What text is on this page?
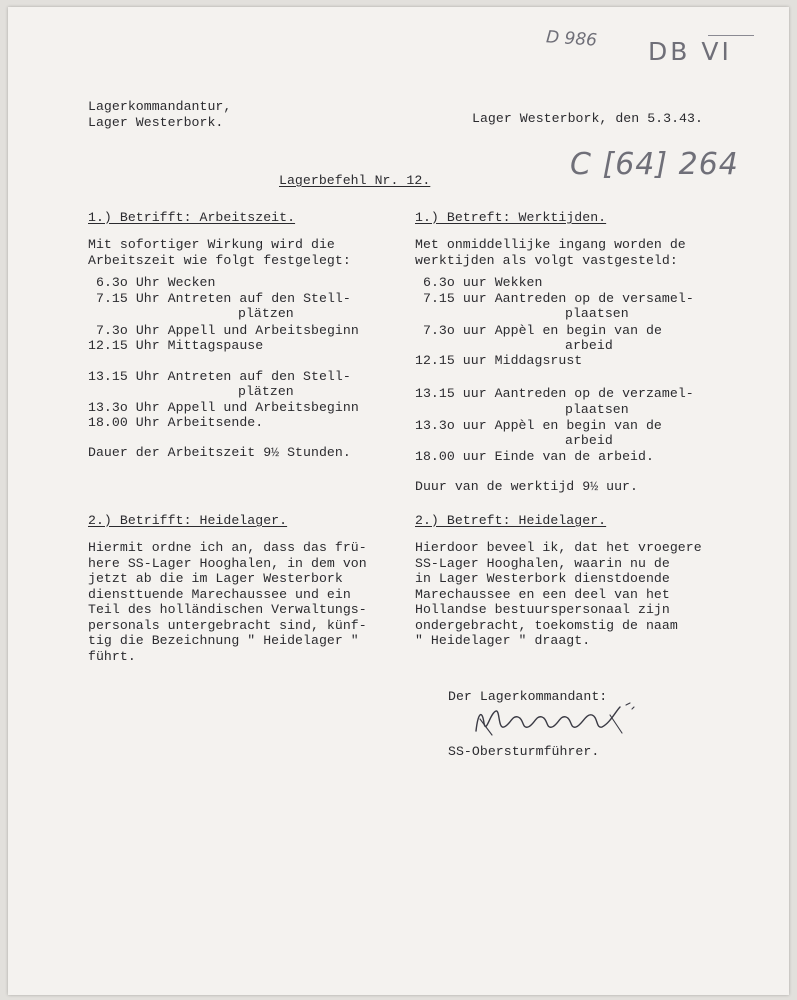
D 986 DB VI
C [64] 264
Lagerkommandantur,
Lager Westerbork.	Lager Westerbork, den 5.3.43.
Lagerbefehl Nr. 12.
1.) Betrifft: Arbeitszeit.
Mit sofortiger Wirkung wird die
Arbeitszeit wie folgt festgelegt:
6.3o Uhr Wecken
7.15 Uhr Antreten auf den Stell-
plätzen
7.3o Uhr Appell und Arbeitsbeginn
12.15 Uhr Mittagspause
13.15 Uhr Antreten auf den Stell-
plätzen
13.3o Uhr Appell und Arbeitsbeginn
18.00 Uhr Arbeitsende.
Dauer der Arbeitszeit 9½ Stunden.
2.) Betrifft: Heidelager.
Hiermit ordne ich an, dass das frü-
here SS-Lager Hooghalen, in dem von
jetzt ab die im Lager Westerbork
diensttuende Marechaussee und ein
Teil des holländischen Verwaltungs-
personals untergebracht sind, künf-
tig die Bezeichnung " Heidelager "
führt.
1.) Betreft: Werktijden.
Met onmiddellijke ingang worden de
werktijden als volgt vastgesteld:
6.3o uur Wekken
7.15 uur Aantreden op de versamel-
plaatsen
7.3o uur Appèl en begin van de
arbeid
12.15 uur Middagsrust
13.15 uur Aantreden op de verzamel-
plaatsen
13.3o uur Appèl en begin van de
arbeid
18.00 uur Einde van de arbeid.
Duur van de werktijd 9½ uur.
2.) Betreft: Heidelager.
Hierdoor beveel ik, dat het vroegere
SS-Lager Hooghalen, waarin nu de
in Lager Westerbork dienstdoende
Marechaussee en een deel van het
Hollandse bestuurspersonaal zijn
ondergebracht, toekomstig de naam
" Heidelager " draagt.
Der Lagerkommandant:
SS-Obersturmführer.
